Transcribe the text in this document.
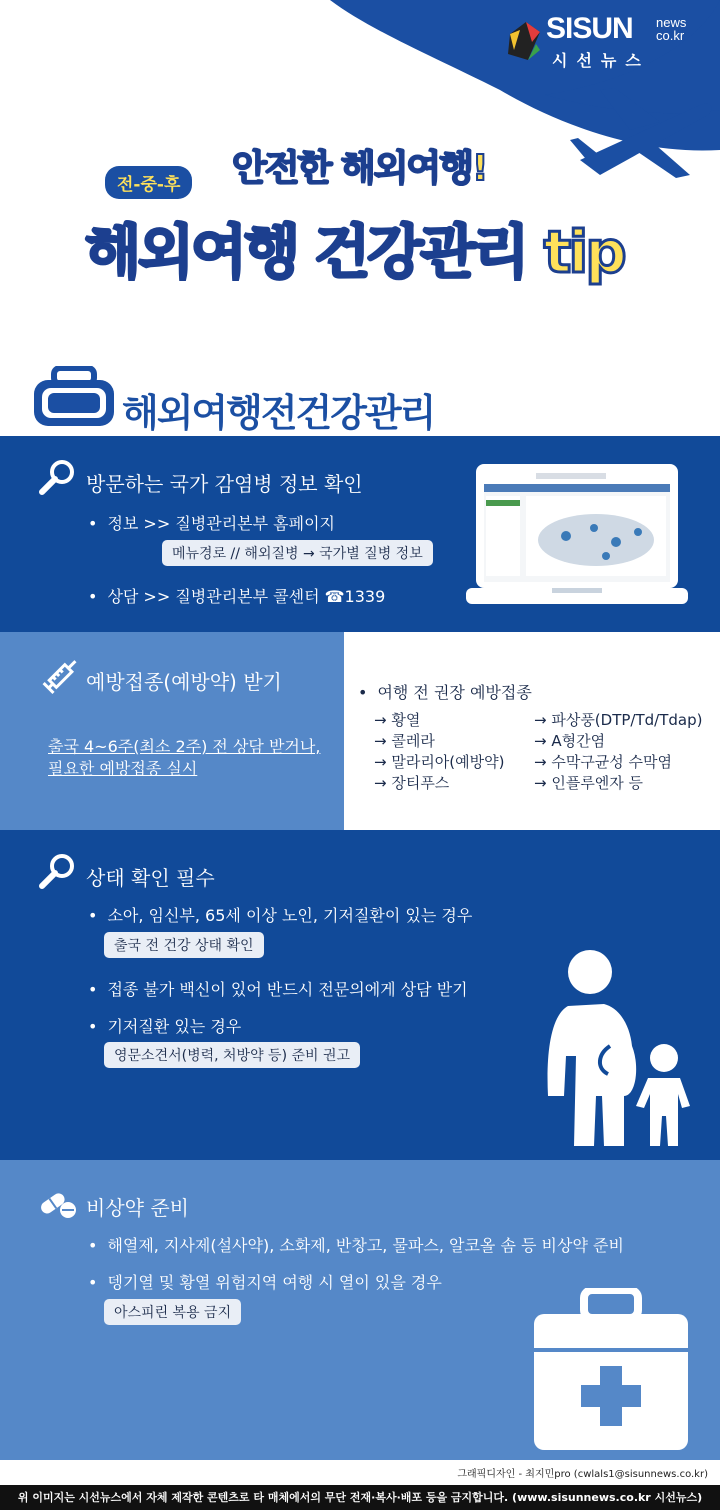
SISUN news
co.kr
시선뉴스
안전한 해외여행!
전-중-후
해외여행 건강관리 tip
해외여행전건강관리
방문하는 국가 감염병 정보 확인
• 정보 >> 질병관리본부 홈페이지
메뉴경로 // 해외질병 → 국가별 질병 정보
• 상담 >> 질병관리본부 콜센터 ☎1339
예방접종(예방약) 받기
출국 4~6주(최소 2주) 전 상담 받거나,
필요한 예방접종 실시
• 여행 전 권장 예방접종
→ 황열
→ 콜레라
→ 말라리아(예방약)
→ 장티푸스
→ 파상풍(DTP/Td/Tdap)
→ A형간염
→ 수막구균성 수막염
→ 인플루엔자 등
상태 확인 필수
• 소아, 임신부, 65세 이상 노인, 기저질환이 있는 경우
출국 전 건강 상태 확인
• 접종 불가 백신이 있어 반드시 전문의에게 상담 받기
• 기저질환 있는 경우
영문소견서(병력, 처방약 등) 준비 권고
비상약 준비
• 해열제, 지사제(설사약), 소화제, 반창고, 물파스, 알코올 솜 등 비상약 준비
• 뎅기열 및 황열 위험지역 여행 시 열이 있을 경우
아스피린 복용 금지
그래픽디자인 - 최지민pro (cwlals1@sisunnews.co.kr)
위 이미지는 시선뉴스에서 자체 제작한 콘텐츠로 타 매체에서의 무단 전재·복사·배포 등을 금지합니다. (www.sisunnews.co.kr 시선뉴스)
